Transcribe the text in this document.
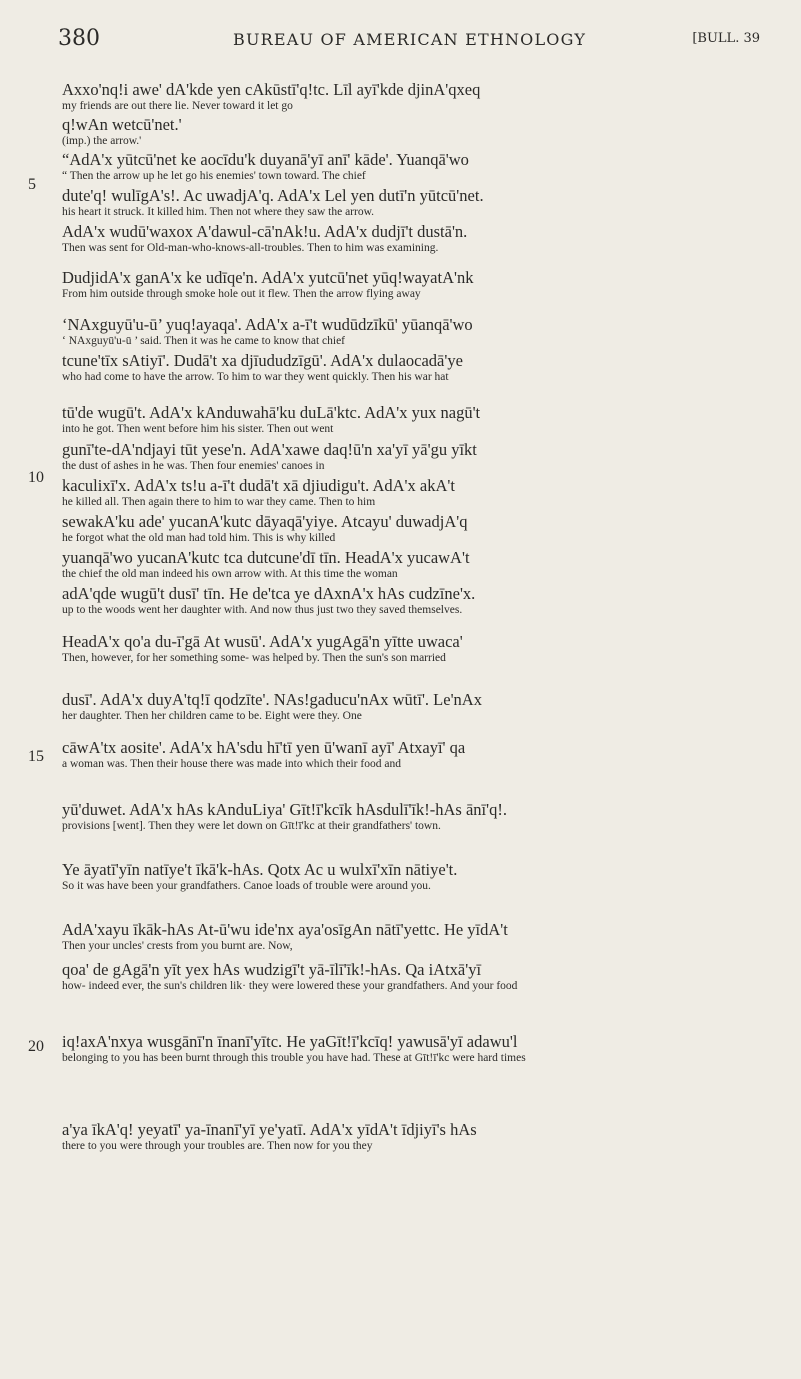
380	BUREAU OF AMERICAN ETHNOLOGY	[BULL. 39
5
10
15
20
Axxo'nq!i awe' dA'kde yen cAkūstī'q!tc. Līl ayī'kde djinA'qxeq
my friends are out there lie. Never toward it let go
q!wAn wetcū'net.'
(imp.) the arrow.'
“AdA'x yūtcū'net ke aocīdu'k duyanā'yī anī' kāde'. Yuanqā'wo
“ Then the arrow up he let go his enemies' town toward. The chief
dute'q! wulīgA's!. Ac uwadjA'q. AdA'x Lel yen dutī'n yūtcū'net.
his heart it struck. It killed him. Then not where they saw the arrow.
AdA'x wudū'waxox A'dawul-cā'nAk!u. AdA'x dudjī't dustā'n.
Then was sent for Old-man-who-knows-all-troubles. Then to him was examining.
DudjidA'x ganA'x ke udīqe'n. AdA'x yutcū'net yūq!wayatA'nk
From him outside through smoke hole out it flew. Then the arrow flying away
‘NAxguyū'u-ū’ yuq!ayaqa'. AdA'x a-ī't wudūdzīkū' yūanqā'wo
‘ NAxguyū'u-ū ’ said. Then it was he came to know that chief
tcune'tīx sAtiyī'. Dudā't xa djīududzīgū'. AdA'x dulaocadā'ye
who had come to have the arrow. To him to war they went quickly. Then his war hat
tū'de wugū't. AdA'x kAnduwahā'ku duLā'ktc. AdA'x yux nagū't
into he got. Then went before him his sister. Then out went
gunī'te-dA'ndjayi tūt yese'n. AdA'xawe daq!ū'n xa'yī yā'gu yīkt
the dust of ashes in he was. Then four enemies' canoes in
kaculixī'x. AdA'x ts!u a-ī't dudā't xā djiudigu't. AdA'x akA't
he killed all. Then again there to him to war they came. Then to him
sewakA'ku ade' yucanA'kutc dāyaqā'yiye. Atcayu' duwadjA'q
he forgot what the old man had told him. This is why killed
yuanqā'wo yucanA'kutc tca dutcune'dī tīn. HeadA'x yucawA't
the chief the old man indeed his own arrow with. At this time the woman
adA'qde wugū't dusī' tīn. He de'tca ye dAxnA'x hAs cudzīne'x.
up to the woods went her daughter with. And now thus just two they saved themselves.
HeadA'x qo'a du-ī'gā At wusū'. AdA'x yugAgā'n yītte uwaca'
Then, however, for her something some- was helped by. Then the sun's son married
dusī'. AdA'x duyA'tq!ī qodzīte'. NAs!gaducu'nAx wūtī'. Le'nAx
her daughter. Then her children came to be. Eight were they. One
cāwA'tx aosite'. AdA'x hA'sdu hī'tī yen ū'wanī ayī' Atxayī' qa
a woman was. Then their house there was made into which their food and
yū'duwet. AdA'x hAs kAnduLiya' Gīt!ī'kcīk hAsdulī'īk!-hAs ānī'q!.
provisions [went]. Then they were let down on Gīt!ī'kc at their grandfathers' town.
Ye āyatī'yīn natīye't īkā'k-hAs. Qotx Ac u wulxī'xīn nātiye't.
So it was have been your grandfathers. Canoe loads of trouble were around you.
AdA'xayu īkāk-hAs At-ū'wu ide'nx aya'osīgAn nātī'yettc. He yīdA't
Then your uncles' crests from you burnt are. Now,
qoa' de gAgā'n yīt yex hAs wudzigī't yā-īlī'īk!-hAs. Qa iAtxā'yī
how- indeed ever, the sun's children lik· they were lowered these your grandfathers. And your food
iq!axA'nxya wusgānī'n īnanī'yītc. He yaGīt!ī'kcīq! yawusā'yī adawu'l
belonging to you has been burnt through this trouble you have had. These at Gīt!ī'kc were hard times
a'ya īkA'q! yeyatī' ya-īnanī'yī ye'yatī. AdA'x yīdA't īdjiyī's hAs
there to you were through your troubles are. Then now for you they
